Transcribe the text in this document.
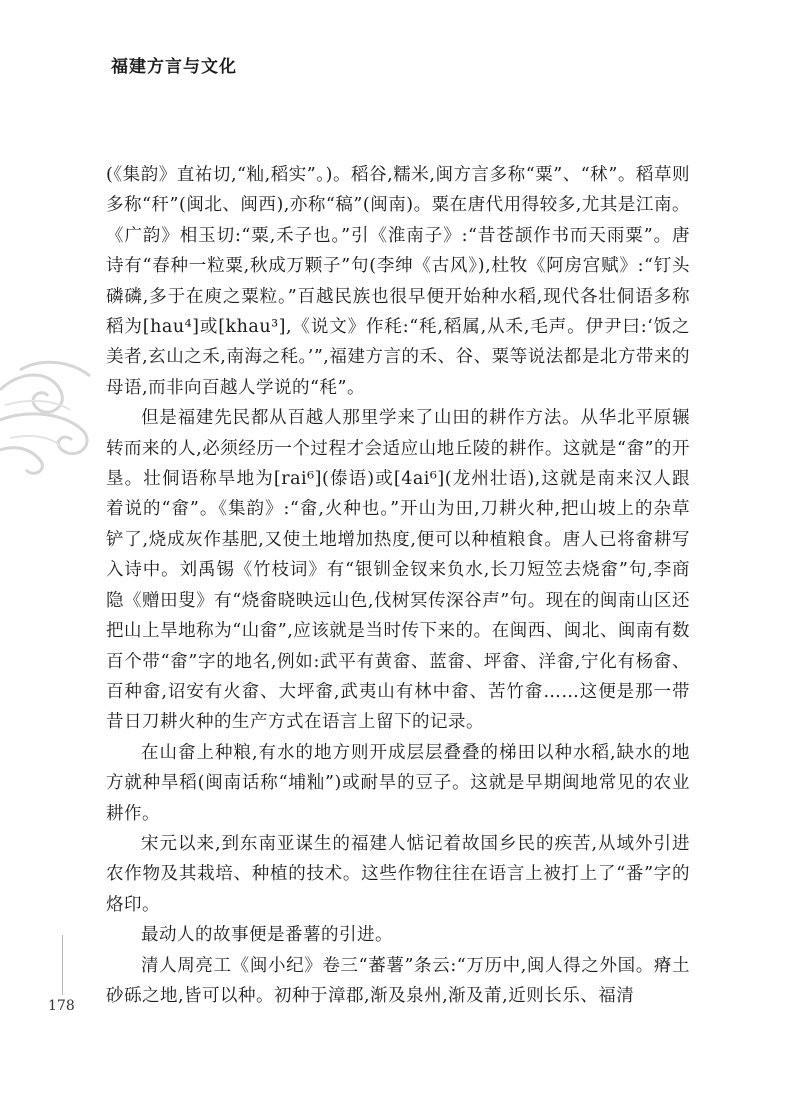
福建方言与文化

(《集韵》直祐切,“籼,稻实”。)。稻谷,糯米,闽方言多称“粟”、“秫”。稻草则多称“秆”(闽北、闽西),亦称“稿”(闽南)。粟在唐代用得较多,尤其是江南。《广韵》相玉切:“粟,禾子也。”引《淮南子》:“昔苍颉作书而天雨粟”。唐诗有“春种一粒粟,秋成万颗子”句(李绅《古风》),杜牧《阿房宫赋》:“钉头磷磷,多于在庾之粟粒。”百越民族也很早便开始种水稻,现代各壮侗语多称稻为[hau⁴]或[khau³],《说文》作秏:“秏,稻属,从禾,毛声。伊尹曰:‘饭之美者,玄山之禾,南海之秏。’”,福建方言的禾、谷、粟等说法都是北方带来的母语,而非向百越人学说的“秏”。

但是福建先民都从百越人那里学来了山田的耕作方法。从华北平原辗转而来的人,必须经历一个过程才会适应山地丘陵的耕作。这就是“畲”的开垦。壮侗语称旱地为[rai⁶](傣语)或[4ai⁶](龙州壮语),这就是南来汉人跟着说的“畲”。《集韵》:“畲,火种也。”开山为田,刀耕火种,把山坡上的杂草铲了,烧成灰作基肥,又使土地增加热度,便可以种植粮食。唐人已将畲耕写入诗中。刘禹锡《竹枝词》有“银钏金钗来负水,长刀短笠去烧畲”句,李商隐《赠田叟》有“烧畲晓映远山色,伐树冥传深谷声”句。现在的闽南山区还把山上旱地称为“山畲”,应该就是当时传下来的。在闽西、闽北、闽南有数百个带“畲”字的地名,例如:武平有黄畲、蓝畲、坪畲、洋畲,宁化有杨畲、百种畲,诏安有火畲、大坪畲,武夷山有林中畲、苦竹畲……这便是那一带昔日刀耕火种的生产方式在语言上留下的记录。

在山畲上种粮,有水的地方则开成层层叠叠的梯田以种水稻,缺水的地方就种旱稻(闽南话称“埔籼”)或耐旱的豆子。这就是早期闽地常见的农业耕作。

宋元以来,到东南亚谋生的福建人惦记着故国乡民的疾苦,从域外引进农作物及其栽培、种植的技术。这些作物往往在语言上被打上了“番”字的烙印。

最动人的故事便是番薯的引进。

清人周亮工《闽小纪》卷三“蕃薯”条云:“万历中,闽人得之外国。瘠土砂砾之地,皆可以种。初种于漳郡,渐及泉州,渐及莆,近则长乐、福清

178
